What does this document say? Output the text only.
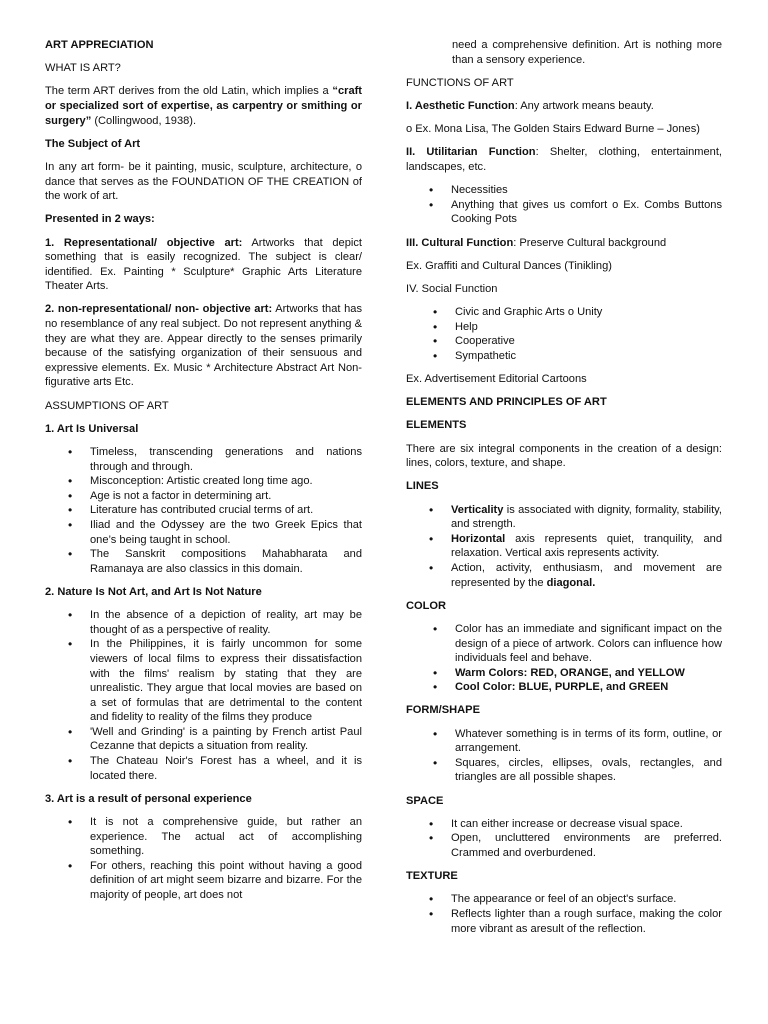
ART APPRECIATION
WHAT IS ART?

The term ART derives from the old Latin, which implies a “craft or specialized sort of expertise, as carpentry or smithing or surgery” (Collingwood, 1938).

The Subject of Art

In any art form- be it painting, music, sculpture, architecture, o dance that serves as the FOUNDATION OF THE CREATION of the work of art.

Presented in 2 ways:

1. Representational/ objective art: Artworks that depict something that is easily recognized. The subject is clear/ identified. Ex. Painting * Sculpture* Graphic Arts Literature Theater Arts.

2. non-representational/ non- objective art: Artworks that has no resemblance of any real subject. Do not represent anything & they are what they are. Appear directly to the senses primarily because of the satisfying organization of their sensuous and expressive elements. Ex. Music * Architecture Abstract Art Non- figurative arts Etc.

ASSUMPTIONS OF ART
1. Art Is Universal
• Timeless, transcending generations and nations through and through.
• Misconception: Artistic created long time ago.
• Age is not a factor in determining art.
• Literature has contributed crucial terms of art.
• Iliad and the Odyssey are the two Greek Epics that one’s being taught in school.
• The Sanskrit compositions Mahabharata and Ramanaya are also classics in this domain.
2. Nature Is Not Art, and Art Is Not Nature
• In the absence of a depiction of reality, art may be thought of as a perspective of reality.
• In the Philippines, it is fairly uncommon for some viewers of local films to express their dissatisfaction with the films' realism by stating that they are unrealistic. They argue that local movies are based on a set of formulas that are detrimental to the content and fidelity to reality of the films they produce
• 'Well and Grinding' is a painting by French artist Paul Cezanne that depicts a situation from reality.
• The Chateau Noir's Forest has a wheel, and it is located there.
3. Art is a result of personal experience
• It is not a comprehensive guide, but rather an experience. The actual act of accomplishing something.
• For others, reaching this point without having a good definition of art might seem bizarre and bizarre. For the majority of people, art does not
need a comprehensive definition. Art is nothing more than a sensory experience.
FUNCTIONS OF ART

I. Aesthetic Function: Any artwork means beauty.

o Ex. Mona Lisa, The Golden Stairs Edward Burne – Jones)

II. Utilitarian Function: Shelter, clothing, entertainment, landscapes, etc.

• Necessities
• Anything that gives us comfort o Ex. Combs Buttons Cooking Pots

III. Cultural Function: Preserve Cultural background

Ex. Graffiti and Cultural Dances (Tinikling)

IV. Social Function
• Civic and Graphic Arts o Unity
• Help
• Cooperative
• Sympathetic

Ex. Advertisement Editorial Cartoons

ELEMENTS AND PRINCIPLES OF ART
ELEMENTS

There are six integral components in the creation of a design: lines, colors, texture, and shape.

LINES
• Verticality is associated with dignity, formality, stability, and strength.
• Horizontal axis represents quiet, tranquility, and relaxation. Vertical axis represents activity.
• Action, activity, enthusiasm, and movement are represented by the diagonal.
COLOR
• Color has an immediate and significant impact on the design of a piece of artwork. Colors can influence how individuals feel and behave.
• Warm Colors: RED, ORANGE, and YELLOW
• Cool Color: BLUE, PURPLE, and GREEN
FORM/SHAPE
• Whatever something is in terms of its form, outline, or arrangement.
• Squares, circles, ellipses, ovals, rectangles, and triangles are all possible shapes.
SPACE
• It can either increase or decrease visual space.
• Open, uncluttered environments are preferred. Crammed and overburdened.
TEXTURE
• The appearance or feel of an object's surface.
• Reflects lighter than a rough surface, making the color more vibrant as aresult of the reflection.
